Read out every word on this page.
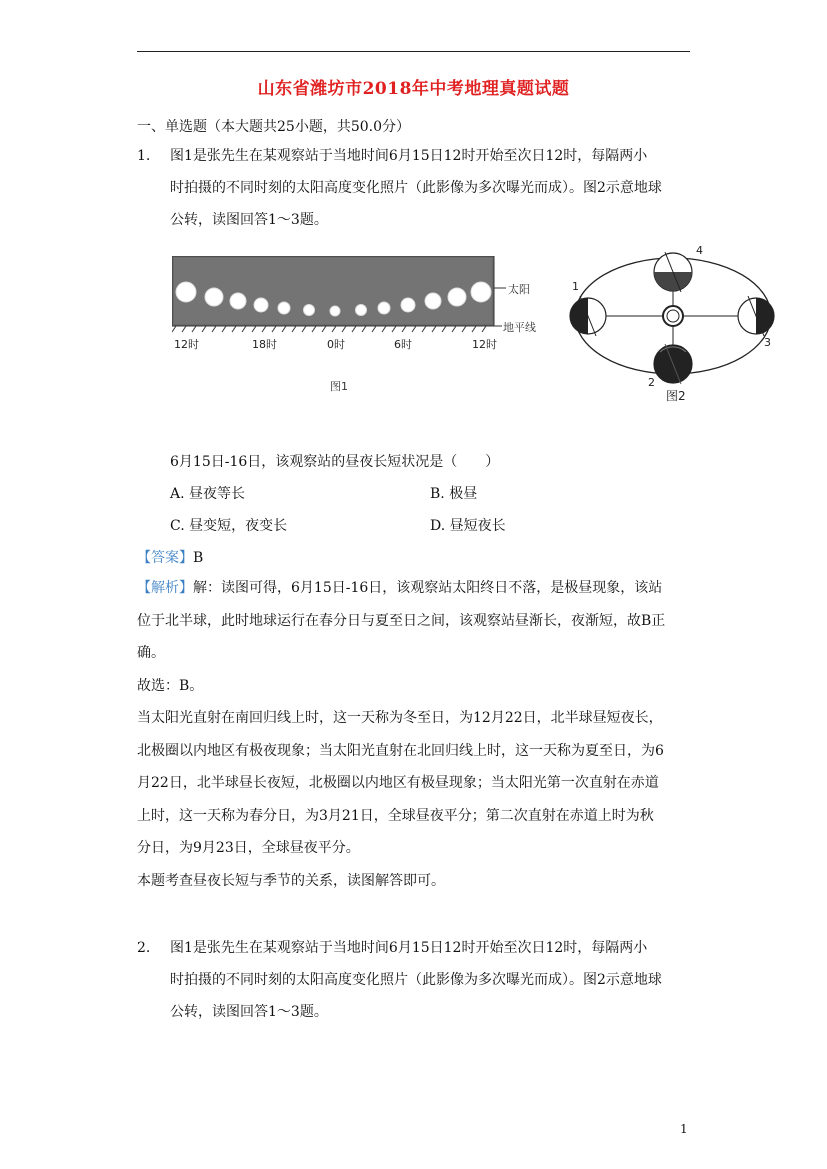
山东省潍坊市2018年中考地理真题试题
一、单选题（本大题共25小题，共50.0分）
1. 图1是张先生在某观察站于当地时间6月15日12时开始至次日12时，每隔两小
时拍摄的不同时刻的太阳高度变化照片（此影像为多次曝光而成）。图2示意地球
公转，读图回答1～3题。
太阳
地平线
12时	18时	0时	6时	12时
图1
1
2
3
4
图2
6月15日-16日，该观察站的昼夜长短状况是（　　）
A. 昼夜等长	B. 极昼
C. 昼变短，夜变长	D. 昼短夜长
【答案】B
【解析】解：读图可得，6月15日-16日，该观察站太阳终日不落，是极昼现象，该站
位于北半球，此时地球运行在春分日与夏至日之间，该观察站昼渐长，夜渐短，故B正
确。
故选：B。
当太阳光直射在南回归线上时，这一天称为冬至日，为12月22日，北半球昼短夜长，
北极圈以内地区有极夜现象；当太阳光直射在北回归线上时，这一天称为夏至日，为6
月22日，北半球昼长夜短，北极圈以内地区有极昼现象；当太阳光第一次直射在赤道
上时，这一天称为春分日，为3月21日，全球昼夜平分；第二次直射在赤道上时为秋
分日，为9月23日，全球昼夜平分。
本题考查昼夜长短与季节的关系，读图解答即可。
2. 图1是张先生在某观察站于当地时间6月15日12时开始至次日12时，每隔两小
时拍摄的不同时刻的太阳高度变化照片（此影像为多次曝光而成）。图2示意地球
公转，读图回答1～3题。
1
